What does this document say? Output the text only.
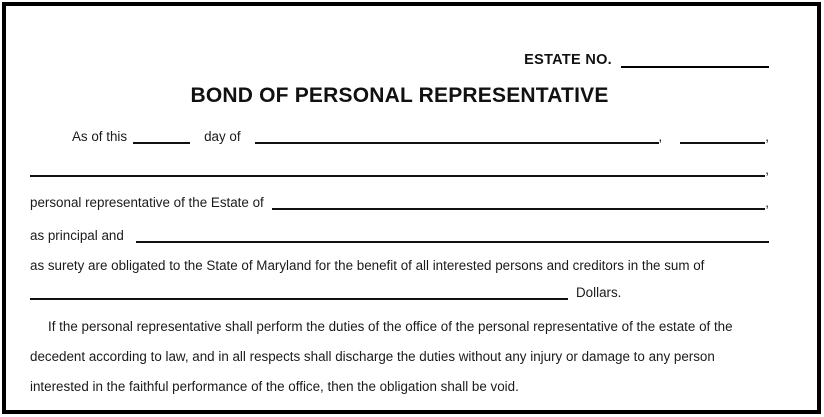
ESTATE NO.
BOND OF PERSONAL REPRESENTATIVE
As of this	day of	,	,
,
personal representative of the Estate of	,
as principal and
as surety are obligated to the State of Maryland for the benefit of all interested persons and creditors in the sum of
Dollars.
If the personal representative shall perform the duties of the office of the personal representative of the estate of the
decedent according to law, and in all respects shall discharge the duties without any injury or damage to any person
interested in the faithful performance of the office, then the obligation shall be void.
